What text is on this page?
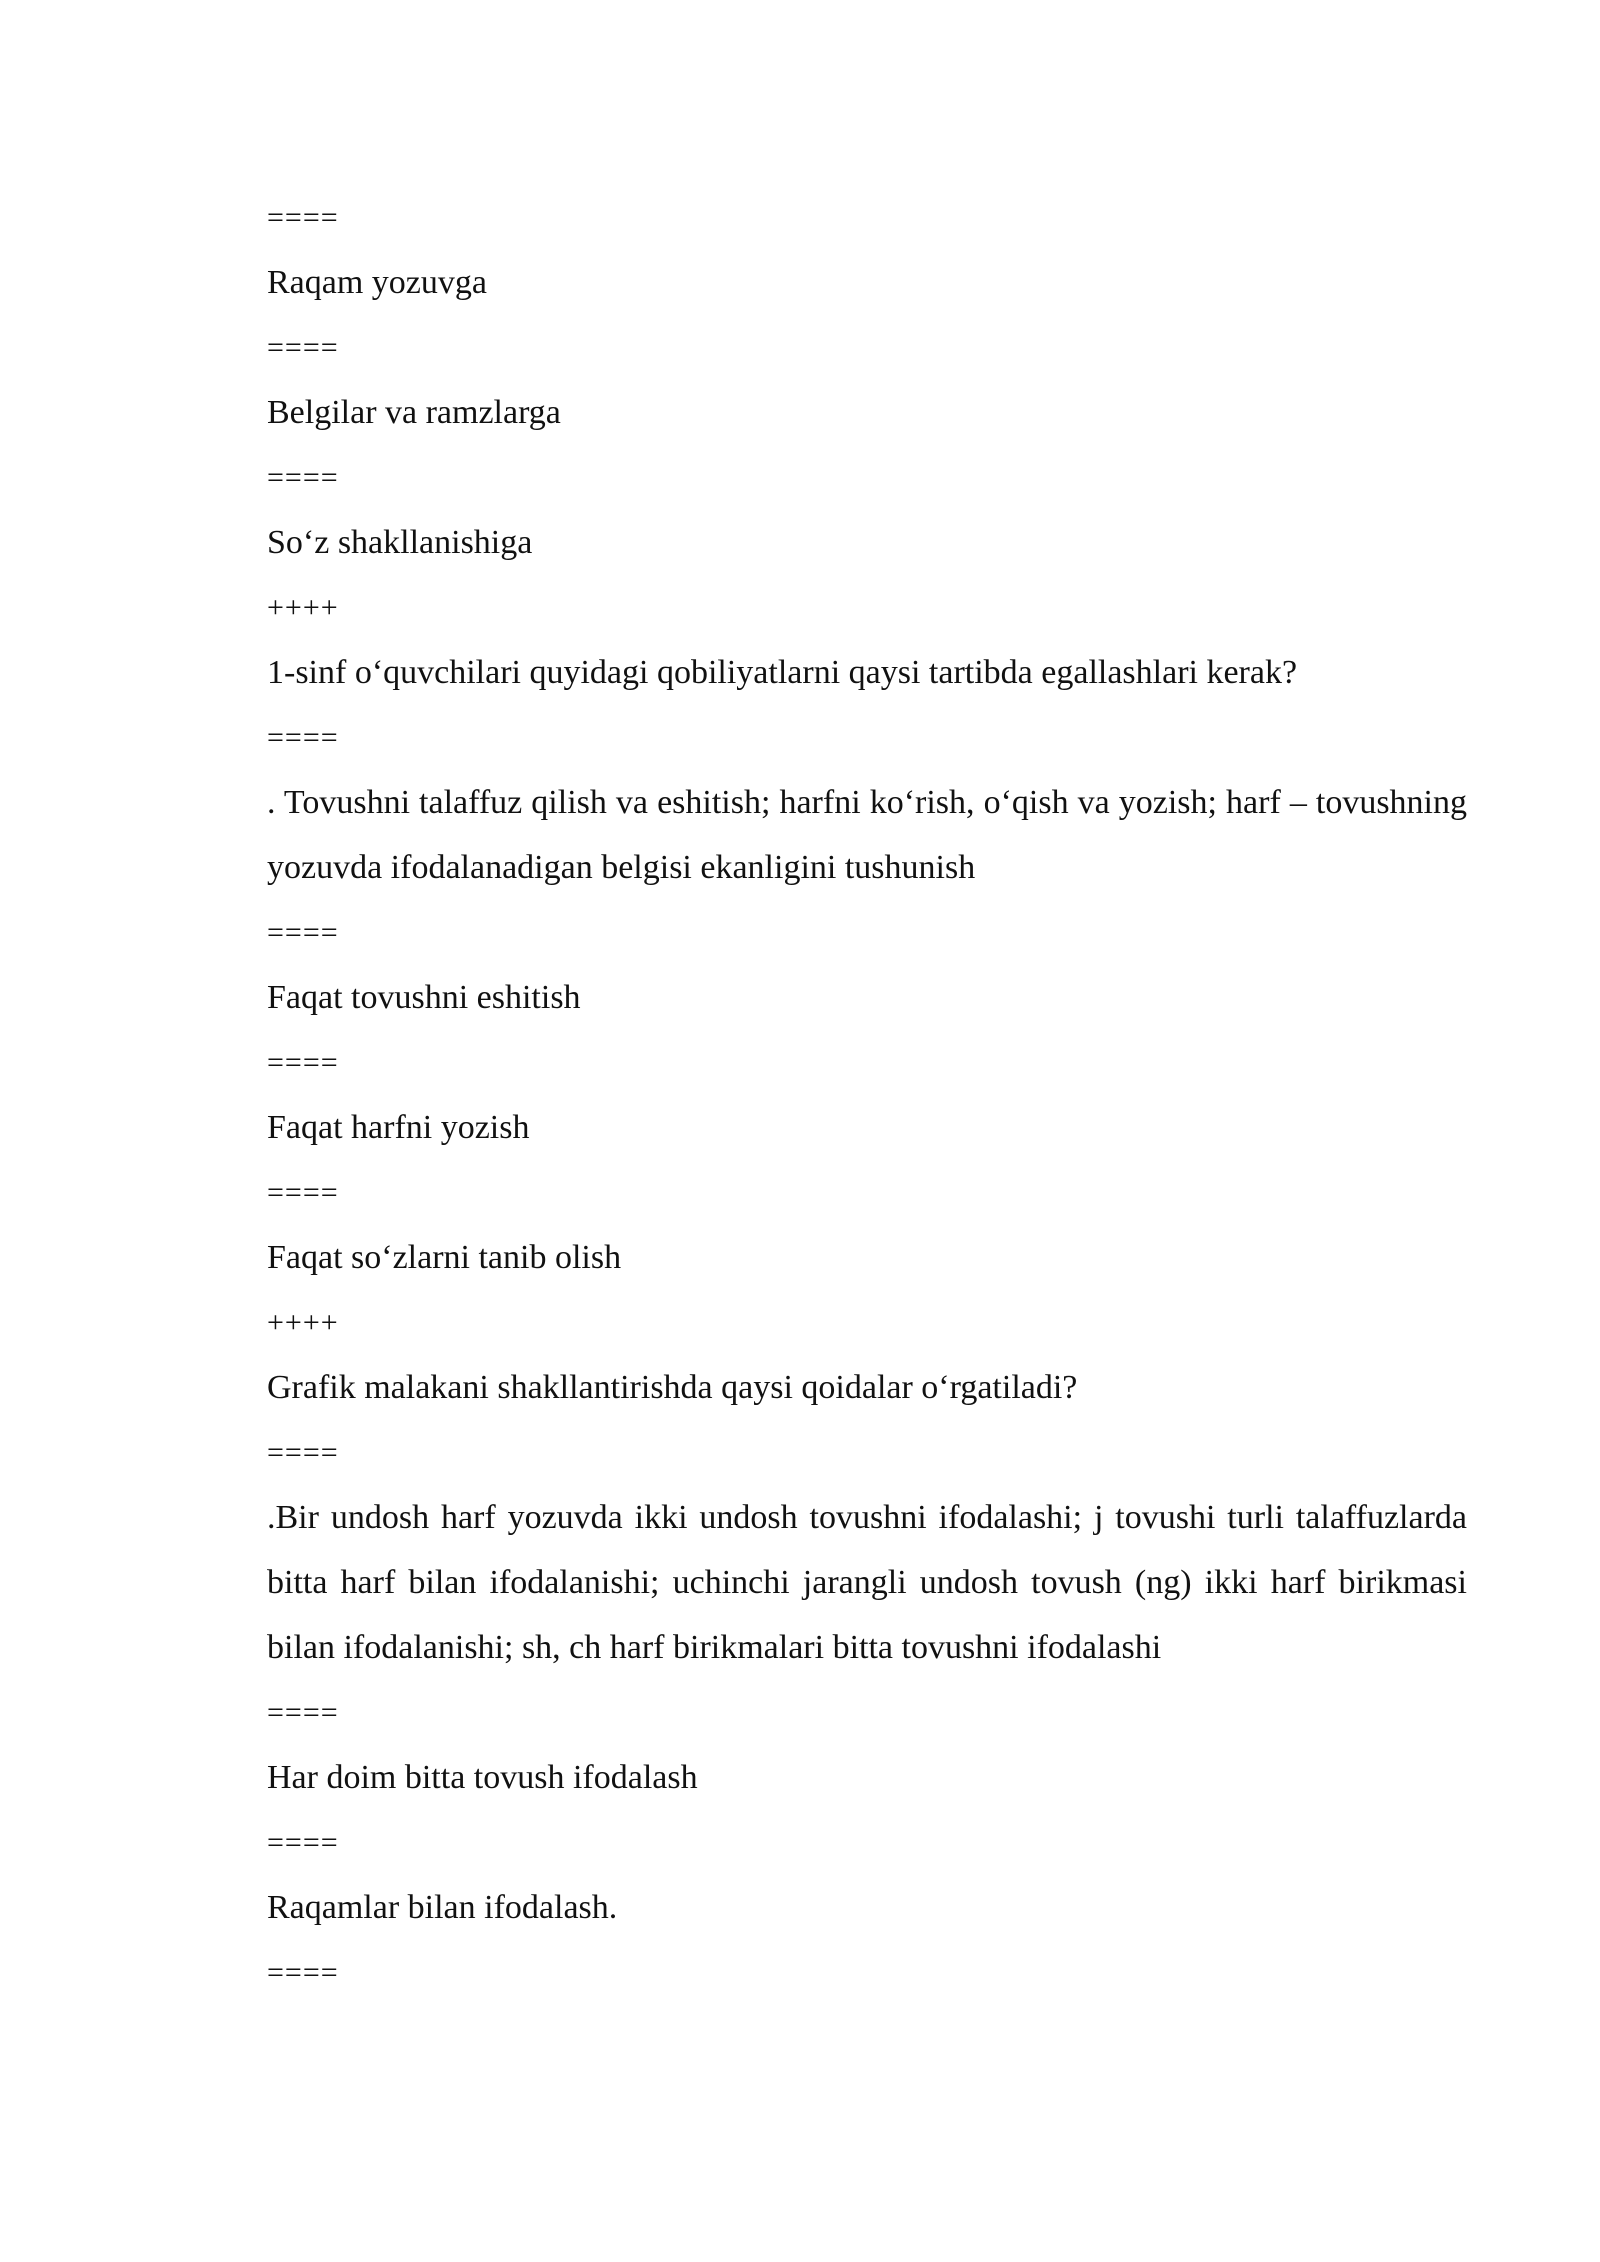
====

Raqam yozuvga

====

Belgilar va ramzlarga

====

So‘z shakllanishiga

++++

1-sinf o‘quvchilari quyidagi qobiliyatlarni qaysi tartibda egallashlari kerak?

====

. Tovushni talaffuz qilish va eshitish; harfni ko‘rish, o‘qish va yozish; harf – tovushning yozuvda ifodalanadigan belgisi ekanligini tushunish

====

Faqat tovushni eshitish

====

Faqat harfni yozish

====

Faqat so‘zlarni tanib olish

++++

Grafik malakani shakllantirishda qaysi qoidalar o‘rgatiladi?

====

.Bir undosh harf yozuvda ikki undosh tovushni ifodalashi; j tovushi turli talaffuzlarda bitta harf bilan ifodalanishi; uchinchi jarangli undosh tovush (ng) ikki harf birikmasi bilan ifodalanishi; sh, ch harf birikmalari bitta tovushni ifodalashi

====

Har doim bitta tovush ifodalash

====

Raqamlar bilan ifodalash.

====
